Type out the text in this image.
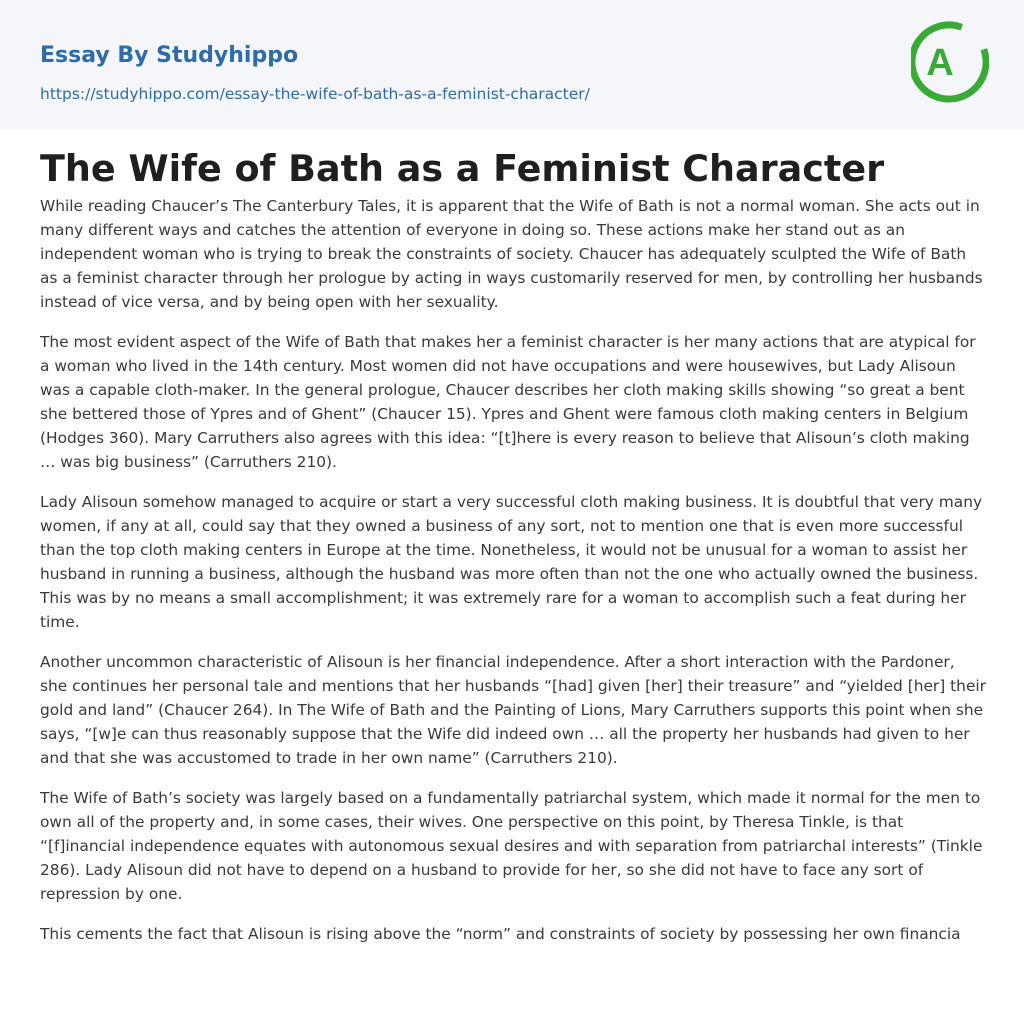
Essay By Studyhippo
https://studyhippo.com/essay-the-wife-of-bath-as-a-feminist-character/
A
The Wife of Bath as a Feminist Character

While reading Chaucer’s The Canterbury Tales, it is apparent that the Wife of Bath is not a normal woman. She acts out in many different ways and catches the attention of everyone in doing so. These actions make her stand out as an independent woman who is trying to break the constraints of society. Chaucer has adequately sculpted the Wife of Bath as a feminist character through her prologue by acting in ways customarily reserved for men, by controlling her husbands instead of vice versa, and by being open with her sexuality.

The most evident aspect of the Wife of Bath that makes her a feminist character is her many actions that are atypical for a woman who lived in the 14th century. Most women did not have occupations and were housewives, but Lady Alisoun was a capable cloth-maker. In the general prologue, Chaucer describes her cloth making skills showing “so great a bent she bettered those of Ypres and of Ghent” (Chaucer 15). Ypres and Ghent were famous cloth making centers in Belgium (Hodges 360). Mary Carruthers also agrees with this idea: “[t]here is every reason to believe that Alisoun’s cloth making … was big business” (Carruthers 210).

Lady Alisoun somehow managed to acquire or start a very successful cloth making business. It is doubtful that very many women, if any at all, could say that they owned a business of any sort, not to mention one that is even more successful than the top cloth making centers in Europe at the time. Nonetheless, it would not be unusual for a woman to assist her husband in running a business, although the husband was more often than not the one who actually owned the business. This was by no means a small accomplishment; it was extremely rare for a woman to accomplish such a feat during her time.

Another uncommon characteristic of Alisoun is her financial independence. After a short interaction with the Pardoner, she continues her personal tale and mentions that her husbands “[had] given [her] their treasure” and “yielded [her] their gold and land” (Chaucer 264). In The Wife of Bath and the Painting of Lions, Mary Carruthers supports this point when she says, “[w]e can thus reasonably suppose that the Wife did indeed own … all the property her husbands had given to her and that she was accustomed to trade in her own name” (Carruthers 210).

The Wife of Bath’s society was largely based on a fundamentally patriarchal system, which made it normal for the men to own all of the property and, in some cases, their wives. One perspective on this point, by Theresa Tinkle, is that “[f]inancial independence equates with autonomous sexual desires and with separation from patriarchal interests” (Tinkle 286). Lady Alisoun did not have to depend on a husband to provide for her, so she did not have to face any sort of repression by one.

This cements the fact that Alisoun is rising above the “norm” and constraints of society by possessing her own financia
